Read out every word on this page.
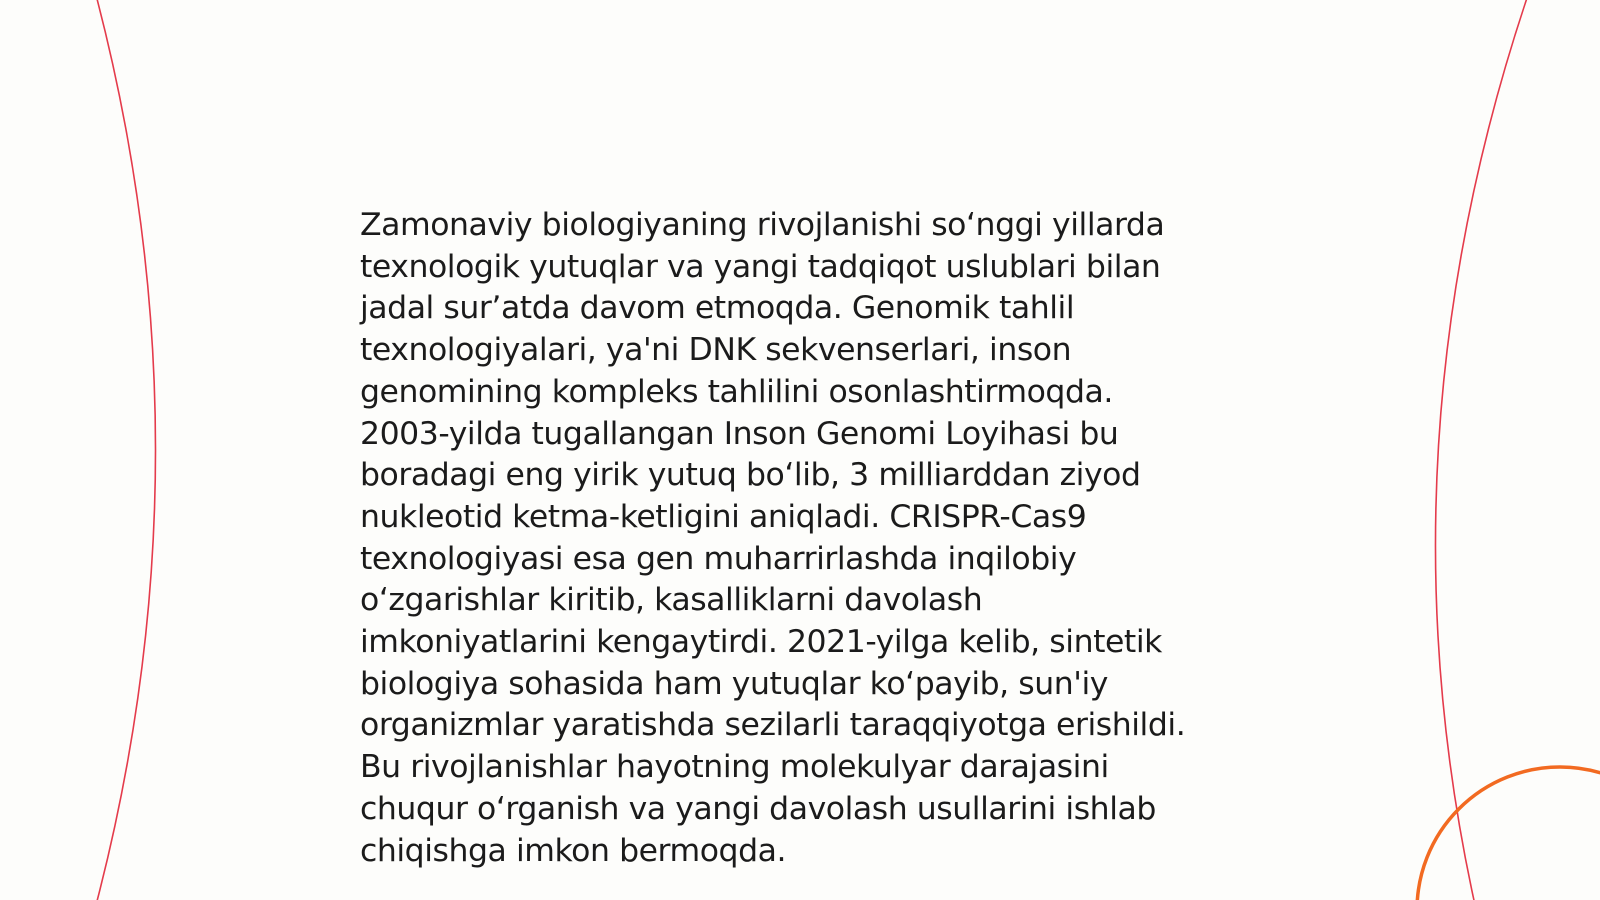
Zamonaviy biologiyaning rivojlanishi so‘nggi yillarda
texnologik yutuqlar va yangi tadqiqot uslublari bilan
jadal sur’atda davom etmoqda. Genomik tahlil
texnologiyalari, ya'ni DNK sekvenserlari, inson
genomining kompleks tahlilini osonlashtirmoqda.
2003-yilda tugallangan Inson Genomi Loyihasi bu
boradagi eng yirik yutuq bo‘lib, 3 milliarddan ziyod
nukleotid ketma-ketligini aniqladi. CRISPR-Cas9
texnologiyasi esa gen muharrirlashda inqilobiy
o‘zgarishlar kiritib, kasalliklarni davolash
imkoniyatlarini kengaytirdi. 2021-yilga kelib, sintetik
biologiya sohasida ham yutuqlar ko‘payib, sun'iy
organizmlar yaratishda sezilarli taraqqiyotga erishildi.
Bu rivojlanishlar hayotning molekulyar darajasini
chuqur o‘rganish va yangi davolash usullarini ishlab
chiqishga imkon bermoqda.
